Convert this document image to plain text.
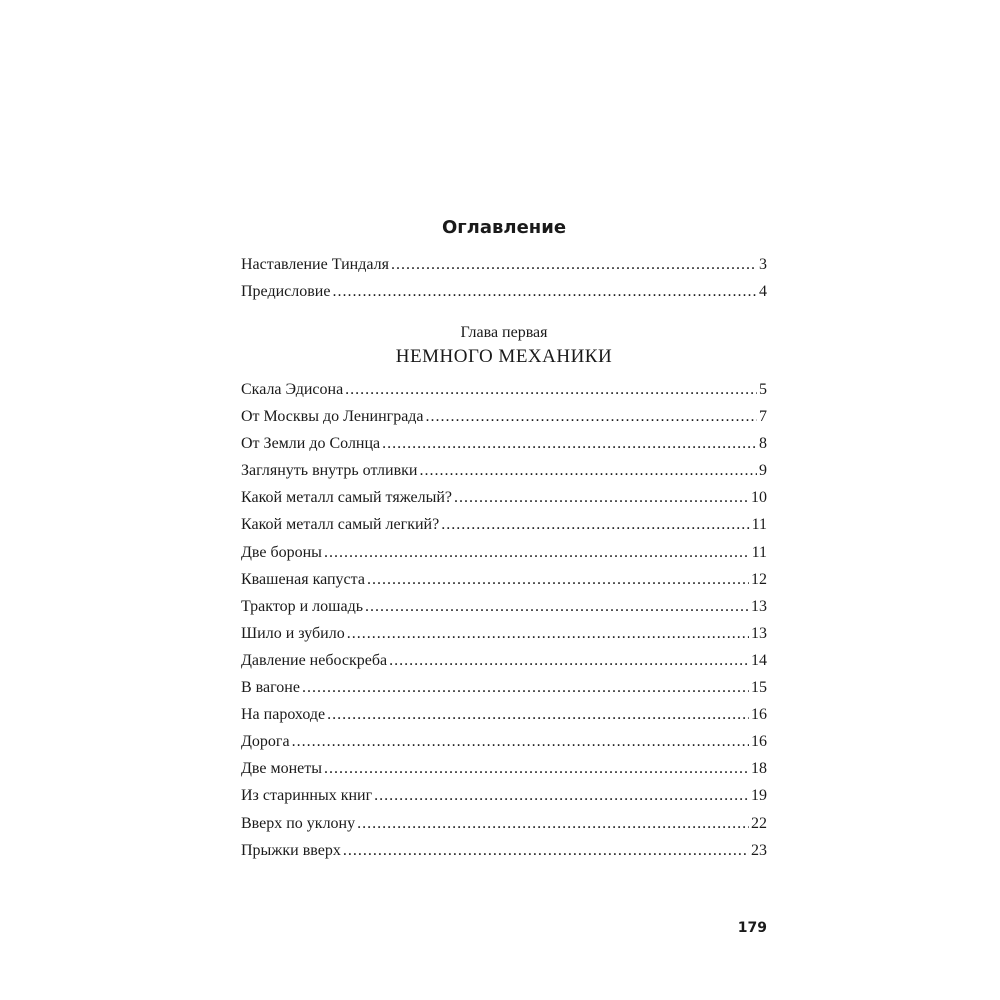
Оглавление
Наставление Тиндаля .....	3
Предисловие .....	4
Глава первая
НЕМНОГО МЕХАНИКИ
Скала Эдисона .....	5
От Москвы до Ленинграда .....	7
От Земли до Солнца .....	8
Заглянуть внутрь отливки .....	9
Какой металл самый тяжелый? .....	10
Какой металл самый легкий? .....	11
Две бороны .....	11
Квашеная капуста .....	12
Трактор и лошадь .....	13
Шило и зубило .....	13
Давление небоскреба .....	14
В вагоне .....	15
На пароходе .....	16
Дорога .....	16
Две монеты .....	18
Из старинных книг .....	19
Вверх по уклону .....	22
Прыжки вверх .....	23
179
